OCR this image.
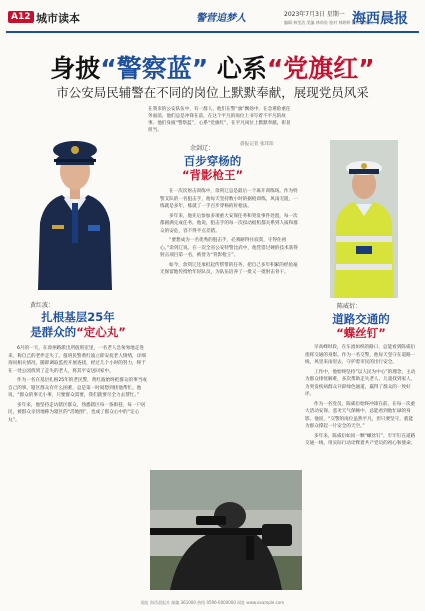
A12 城市读本	警营追梦人	2023年7月3日 星期一
编辑 林莹洁 美编 林尚泉 校对 林婷婷 制作 张佩钦
海西晨报
身披“警察蓝” 心系“党旗红”
市公安局民辅警在不同的岗位上默默奉献，展现党员风采
在我市的公安队伍中，有一群人，他们在警“旗”飘扬中，在急难险重任务面前，他们总是冲锋在前，在这个平凡的岗位上书写着不平凡的故事。他们身披“警察蓝”，心系“党旗红”，在平凡岗位上默默奉献，彰显担当。
晨报记者 张玮玮
黄红波：
扎根基层25年
是群众的“定心丸”

6月的一天，在漳州路派出所值班室里，一名老人急匆匆地走进来，称自己的老伴走失了。值班民警黄红波立即安抚老人情绪，详细询问相关情况，随即调取监控开展查找，经过几个小时的努力，终于在一处公园找到了走失的老人，将其平安送回家中。

作为一名在基层扎根25年的老民警，黄红波始终把群众的事当成自己的事。辖区群众有什么困难，总是第一时间想到找他帮忙。他说，“群众的事无小事，只要群众需要，我们就要尽全力去帮忙。”

多年来，他坚持走访辖区群众，熟悉辖区每一条街巷、每一户居民，被群众亲切地称为辖区的“活地图”，也成了群众心中的“定心丸”。

余剑辽：
百步穿杨的
“背影枪王”

在一次次射击训练中，余剑辽总是最后一个离开训练场。作为特警支队的一名狙击手，他每天坚持数小时的据枪训练，风雨无阻，一练就是多年，练就了一手百步穿杨的好枪法。

多年来，他先后参加多项重大安保任务和突发事件处置，每一次都圆满完成任务。他说，狙击手的每一次扣动扳机都关系到人质和群众的安危，容不得半点差错。

“要想成为一名优秀的狙击手，必须耐得住寂寞，守得住初心。”余剑辽说。在一次全省公安特警比武中，他凭借过硬的技术获得射击项目第一名，被誉为“背影枪王”。

如今，余剑辽还承担起传帮带的任务，把自己多年积累的经验毫无保留地传授给年轻队员，为队伍培养了一批又一批射击骨干。

陈威衍：
道路交通的
“蝶丝钉”

早高峰时段，在车流如织的路口，总能看到陈威衍指挥交通的身影。作为一名交警，他每天坚守在道路一线，风里来雨里去，守护着市民的出行安全。

工作中，他始终坚持“以人民为中心”的理念，主动为群众排忧解难，多次帮助走失老人、儿童找到家人，为突发疾病群众开辟绿色通道，赢得了群众的一致好评。

作为一名党员，陈威衍始终冲锋在前，在每一次重大活动安保、恶劣天气保畅中，总能看到他忙碌的身影。他说，“交警的岗位虽然平凡，但只要坚守，就能为群众撑起一片安全的天空。”

多年来，陈威衍如同一颗“螺丝钉”，牢牢钉在道路交通一线，用实际行动诠释着共产党员的初心和使命。

地址 海西晨报社 邮编 361000 热线 0596-0000000 网址 www.example.com
